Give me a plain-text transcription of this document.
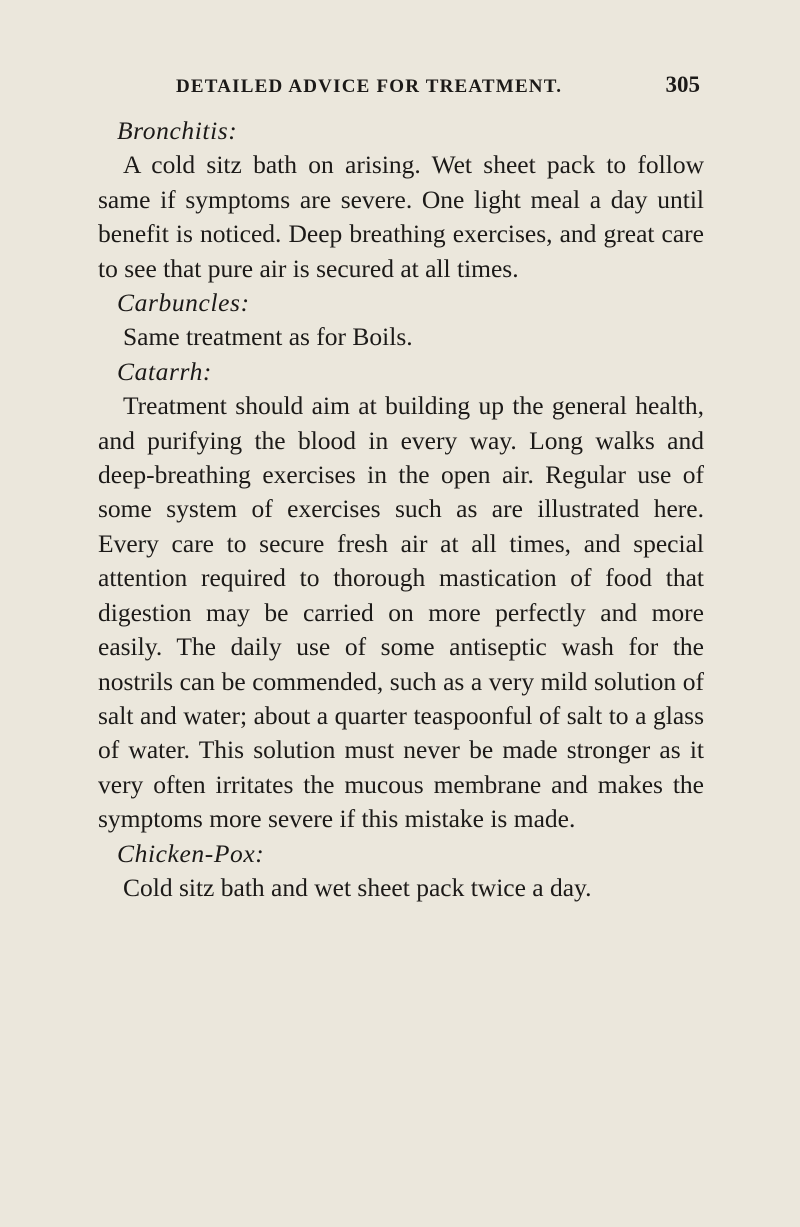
DETAILED ADVICE FOR TREATMENT.	305

Bronchitis:

A cold sitz bath on arising. Wet sheet pack to follow same if symptoms are severe. One light meal a day until benefit is noticed. Deep breathing exercises, and great care to see that pure air is secured at all times.

Carbuncles:

Same treatment as for Boils.

Catarrh:

Treatment should aim at building up the general health, and purifying the blood in every way. Long walks and deep-breathing exercises in the open air. Regular use of some system of exercises such as are illustrated here. Every care to secure fresh air at all times, and special attention required to thorough mastication of food that digestion may be carried on more perfectly and more easily. The daily use of some antiseptic wash for the nostrils can be commended, such as a very mild solution of salt and water; about a quarter teaspoonful of salt to a glass of water. This solution must never be made stronger as it very often irritates the mucous membrane and makes the symptoms more severe if this mistake is made.

Chicken-Pox:

Cold sitz bath and wet sheet pack twice a day.
